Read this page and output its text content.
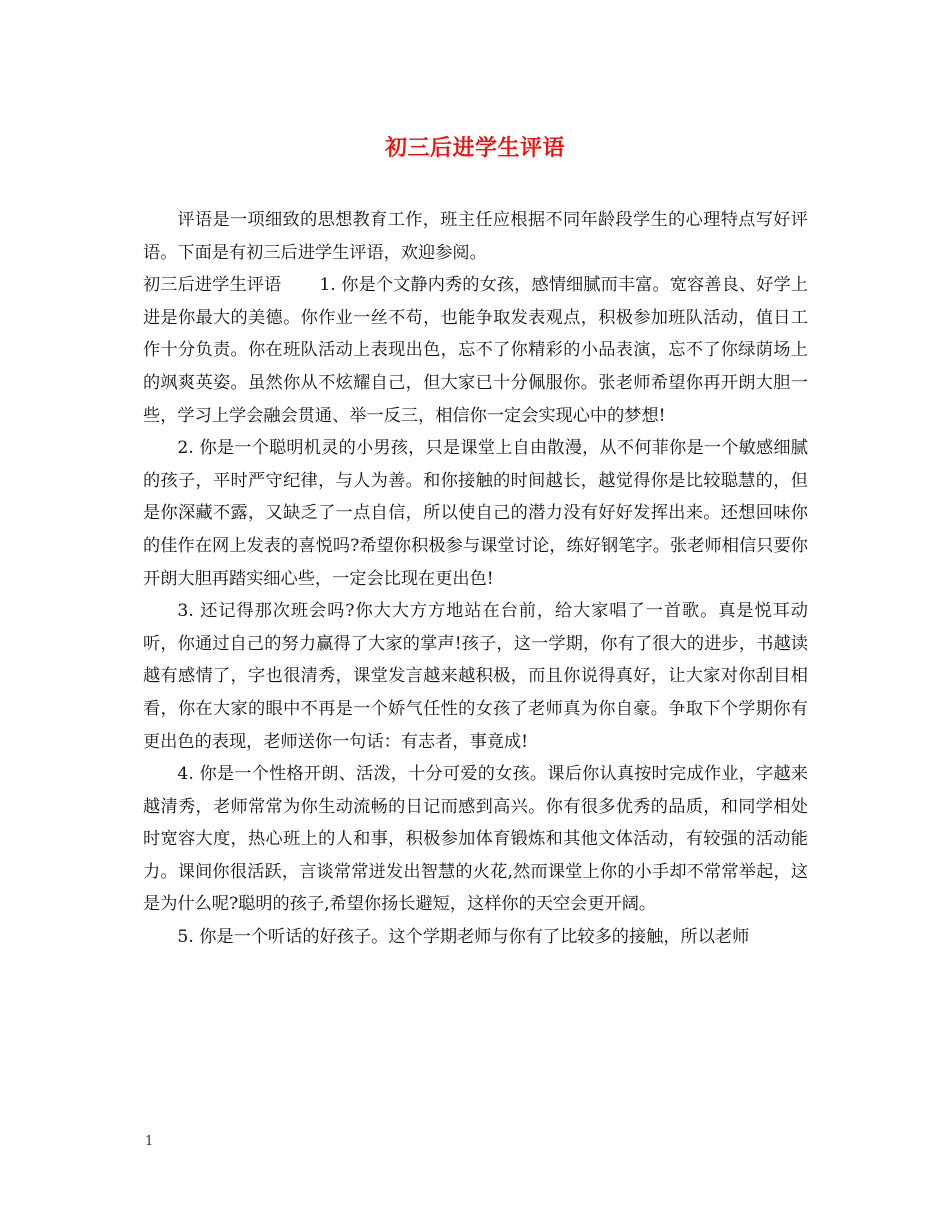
初三后进学生评语

评语是一项细致的思想教育工作，班主任应根据不同年龄段学生的心理特点写好评语。下面是有初三后进学生评语，欢迎参阅。

初三后进学生评语 1. 你是个文静内秀的女孩，感情细腻而丰富。宽容善良、好学上进是你最大的美德。你作业一丝不苟，也能争取发表观点，积极参加班队活动，值日工作十分负责。你在班队活动上表现出色，忘不了你精彩的小品表演，忘不了你绿荫场上的飒爽英姿。虽然你从不炫耀自己，但大家已十分佩服你。张老师希望你再开朗大胆一些，学习上学会融会贯通、举一反三，相信你一定会实现心中的梦想!

2. 你是一个聪明机灵的小男孩，只是课堂上自由散漫，从不何菲你是一个敏感细腻的孩子，平时严守纪律，与人为善。和你接触的时间越长，越觉得你是比较聪慧的，但是你深藏不露，又缺乏了一点自信，所以使自己的潜力没有好好发挥出来。还想回味你的佳作在网上发表的喜悦吗?希望你积极参与课堂讨论，练好钢笔字。张老师相信只要你开朗大胆再踏实细心些，一定会比现在更出色!

3. 还记得那次班会吗?你大大方方地站在台前，给大家唱了一首歌。真是悦耳动听，你通过自己的努力赢得了大家的掌声!孩子，这一学期，你有了很大的进步，书越读越有感情了，字也很清秀，课堂发言越来越积极，而且你说得真好，让大家对你刮目相看，你在大家的眼中不再是一个娇气任性的女孩了老师真为你自豪。争取下个学期你有更出色的表现，老师送你一句话：有志者，事竟成!

4. 你是一个性格开朗、活泼，十分可爱的女孩。课后你认真按时完成作业，字越来越清秀，老师常常为你生动流畅的日记而感到高兴。你有很多优秀的品质，和同学相处时宽容大度，热心班上的人和事，积极参加体育锻炼和其他文体活动，有较强的活动能力。课间你很活跃，言谈常常迸发出智慧的火花,然而课堂上你的小手却不常常举起，这是为什么呢?聪明的孩子,希望你扬长避短，这样你的天空会更开阔。

5. 你是一个听话的好孩子。这个学期老师与你有了比较多的接触，所以老师

1
